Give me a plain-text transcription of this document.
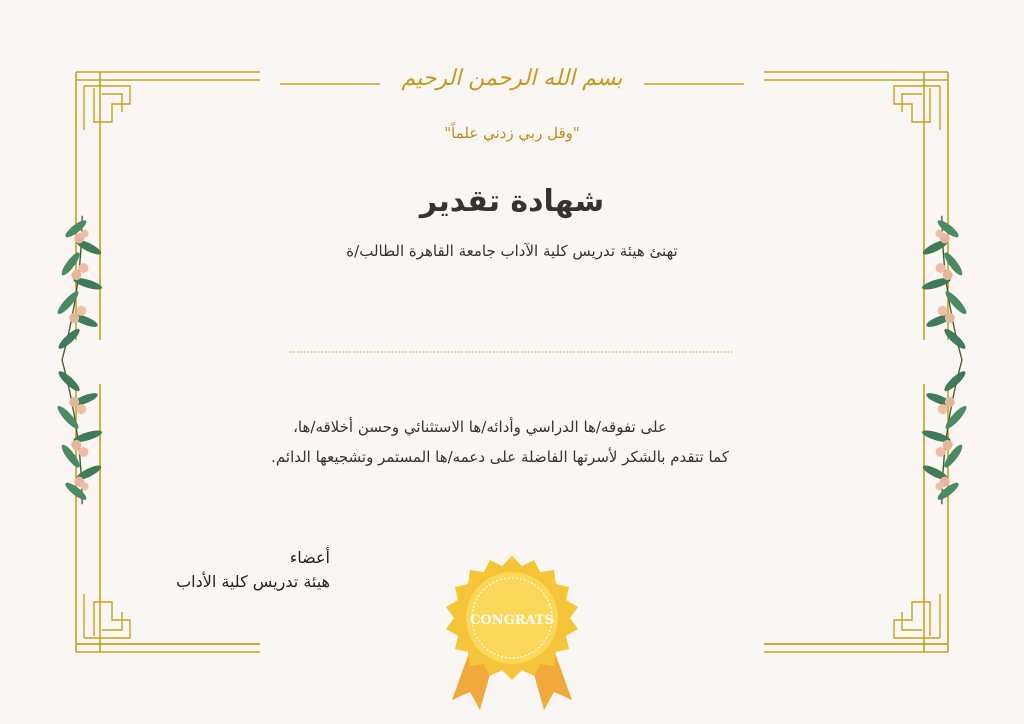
CONGRATS
بسم الله الرحمن الرحيم
"وقل ربي زدني علماً"
شهادة تقدير
تهنئ هيئة تدريس كلية الآداب جامعة القاهرة الطالب/ة
على تفوقه/ها الدراسي وأدائه/ها الاستثنائي وحسن أخلاقه/ها،
كما تتقدم بالشكر لأسرتها الفاضلة على دعمه/ها المستمر وتشجيعها الدائم.
أعضاء
هيئة تدريس كلية الأداب
